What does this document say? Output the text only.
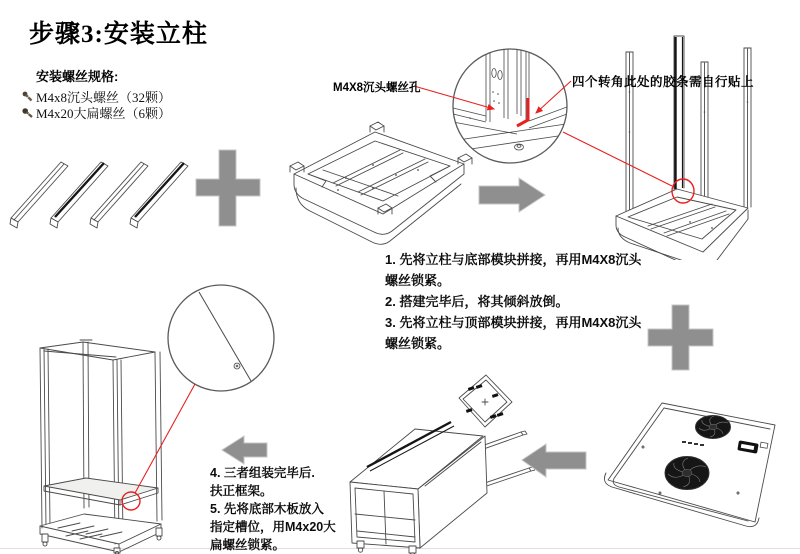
步骤3:安装立柱
安装螺丝规格:
M4x8沉头螺丝（32颗）
M4x20大扁螺丝（6颗）
M4X8沉头螺丝孔	四个转角此处的胶条需自行贴上
1. 先将立柱与底部模块拼接，再用M4X8沉头
螺丝锁紧。
2. 搭建完毕后，将其倾斜放倒。
3. 先将立柱与顶部模块拼接，再用M4X8沉头
螺丝锁紧。
4. 三者组装完毕后.
扶正框架。
5. 先将底部木板放入
指定槽位，用M4x20大
扁螺丝锁紧。
